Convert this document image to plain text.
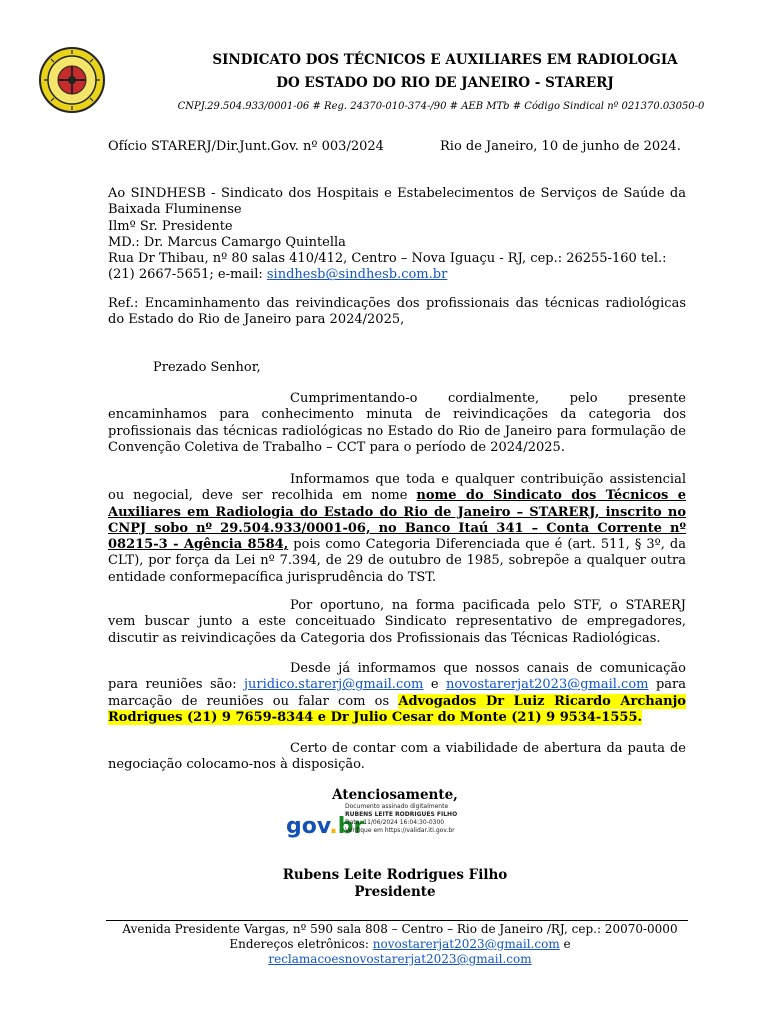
SINDICATO DOS TÉCNICOS E AUXILIARES EM RADIOLOGIA
DO ESTADO DO RIO DE JANEIRO - STARERJ
CNPJ.29.504.933/0001-06 # Reg. 24370-010-374-/90 # AEB MTb # Código Sindical nº 021370.03050-0
Ofício STARERJ/Dir.Junt.Gov. nº 003/2024	Rio de Janeiro, 10 de junho de 2024.
Ao SINDHESB - Sindicato dos Hospitais e Estabelecimentos de Serviços de Saúde da Baixada Fluminense
Ilmº Sr. Presidente
MD.: Dr. Marcus Camargo Quintella
Rua Dr Thibau, nº 80 salas 410/412, Centro – Nova Iguaçu - RJ, cep.: 26255-160 tel.:
(21) 2667-5651; e-mail: sindhesb@sindhesb.com.br
Ref.: Encaminhamento das reivindicações dos profissionais das técnicas radiológicas do Estado do Rio de Janeiro para 2024/2025,
Prezado Senhor,
Cumprimentando-o cordialmente, pelo presente encaminhamos para conhecimento minuta de reivindicações da categoria dos profissionais das técnicas radiológicas no Estado do Rio de Janeiro para formulação de Convenção Coletiva de Trabalho – CCT para o período de 2024/2025.
Informamos que toda e qualquer contribuição assistencial ou negocial, deve ser recolhida em nome nome do Sindicato dos Técnicos e Auxiliares em Radiologia do Estado do Rio de Janeiro – STARERJ, inscrito no CNPJ sobo nº 29.504.933/0001-06, no Banco Itaú 341 – Conta Corrente nº 08215-3 - Agência 8584, pois como Categoria Diferenciada que é (art. 511, § 3º, da CLT), por força da Lei nº 7.394, de 29 de outubro de 1985, sobrepõe a qualquer outra entidade conformepacífica jurisprudência do TST.
Por oportuno, na forma pacificada pelo STF, o STARERJ vem buscar junto a este conceituado Sindicato representativo de empregadores, discutir as reivindicações da Categoria dos Profissionais das Técnicas Radiológicas.
Desde já informamos que nossos canais de comunicação para reuniões são: juridico.starerj@gmail.com e novostarerjat2023@gmail.com para marcação de reuniões ou falar com os Advogados Dr Luiz Ricardo Archanjo Rodrigues (21) 9 7659-8344 e Dr Julio Cesar do Monte (21) 9 9534-1555.
Certo de contar com a viabilidade de abertura da pauta de negociação colocamo-nos à disposição.
Atenciosamente,
gov.br
Documento assinado digitalmente
RUBENS LEITE RODRIGUES FILHO
Data: 11/06/2024 16:04:30-0300
Verifique em https://validar.iti.gov.br
Rubens Leite Rodrigues Filho
Presidente
Avenida Presidente Vargas, nº 590 sala 808 – Centro – Rio de Janeiro /RJ, cep.: 20070-0000
Endereços eletrônicos: novostarerjat2023@gmail.com e reclamacoesnovostarerjat2023@gmail.com
